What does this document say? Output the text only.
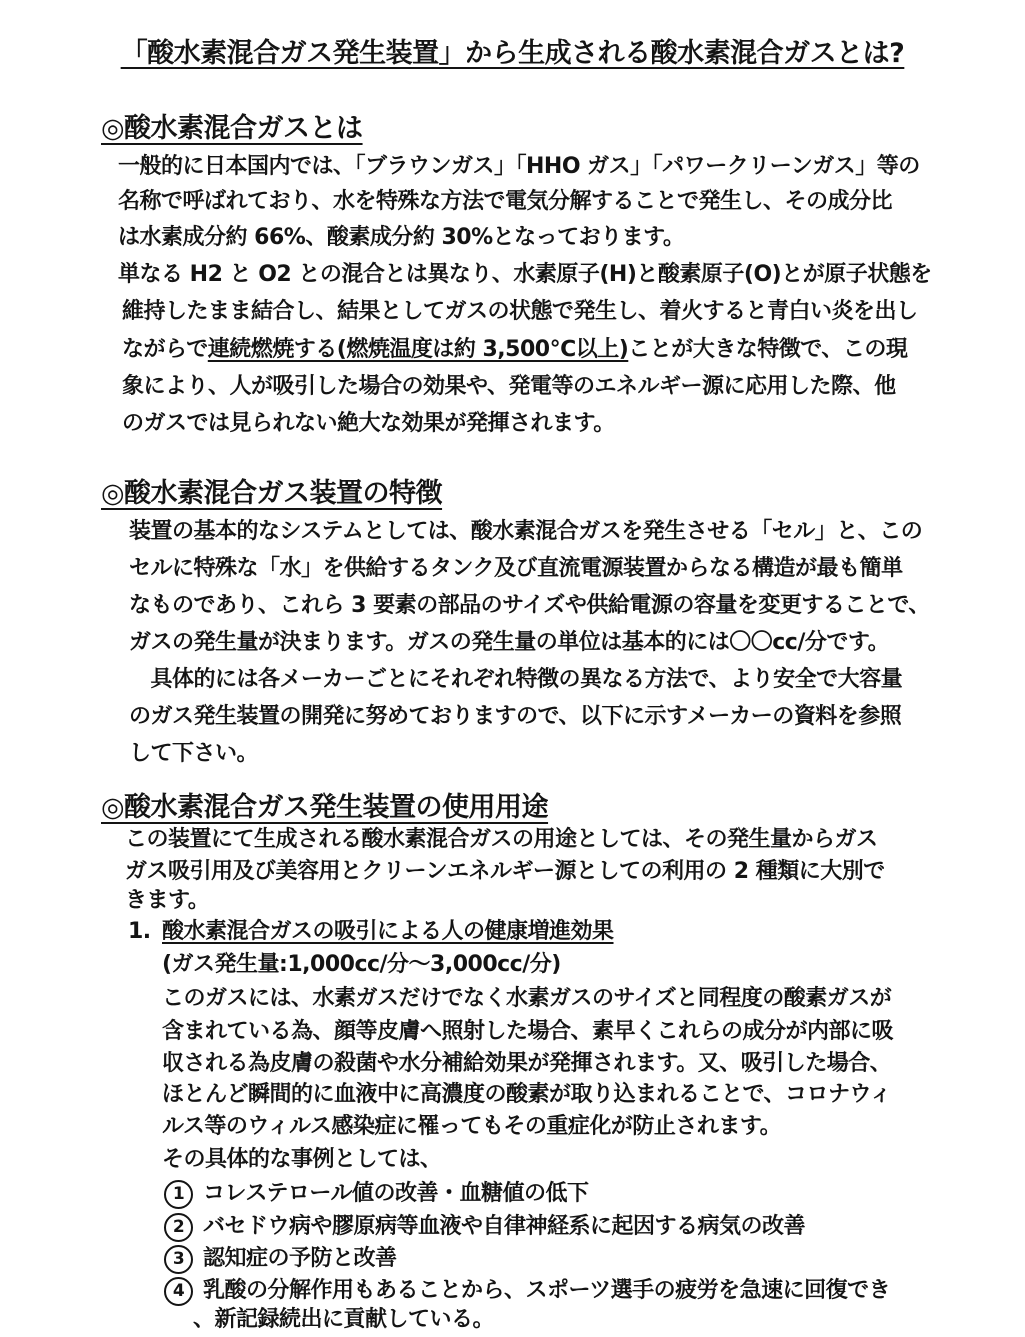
「酸水素混合ガス発生装置」から生成される酸水素混合ガスとは?
◎酸水素混合ガスとは
一般的に日本国内では、「ブラウンガス」「HHO ガス」「パワークリーンガス」等の
名称で呼ばれており、水を特殊な方法で電気分解することで発生し、その成分比
は水素成分約 66%、酸素成分約 30%となっております。
単なる H2 と O2 との混合とは異なり、水素原子(H)と酸素原子(O)とが原子状態を
維持したまま結合し、結果としてガスの状態で発生し、着火すると青白い炎を出し
ながらで連続燃焼する(燃焼温度は約 3,500℃以上)ことが大きな特徴で、この現
象により、人が吸引した場合の効果や、発電等のエネルギー源に応用した際、他
のガスでは見られない絶大な効果が発揮されます。
◎酸水素混合ガス装置の特徴
装置の基本的なシステムとしては、酸水素混合ガスを発生させる「セル」と、この
セルに特殊な「水」を供給するタンク及び直流電源装置からなる構造が最も簡単
なものであり、これら 3 要素の部品のサイズや供給電源の容量を変更することで、
ガスの発生量が決まります。ガスの発生量の単位は基本的には〇〇cc/分です。
　具体的には各メーカーごとにそれぞれ特徴の異なる方法で、より安全で大容量
のガス発生装置の開発に努めておりますので、以下に示すメーカーの資料を参照
して下さい。
◎酸水素混合ガス発生装置の使用用途
この装置にて生成される酸水素混合ガスの用途としては、その発生量からガス
ガス吸引用及び美容用とクリーンエネルギー源としての利用の 2 種類に大別で
きます。
1. 酸水素混合ガスの吸引による人の健康増進効果
(ガス発生量:1,000cc/分～3,000cc/分)
このガスには、水素ガスだけでなく水素ガスのサイズと同程度の酸素ガスが
含まれている為、顔等皮膚へ照射した場合、素早くこれらの成分が内部に吸
収される為皮膚の殺菌や水分補給効果が発揮されます。又、吸引した場合、
ほとんど瞬間的に血液中に高濃度の酸素が取り込まれることで、コロナウィ
ルス等のウィルス感染症に罹ってもその重症化が防止されます。
その具体的な事例としては、
1 コレステロール値の改善・血糖値の低下
2 バセドウ病や膠原病等血液や自律神経系に起因する病気の改善
3 認知症の予防と改善
4 乳酸の分解作用もあることから、スポーツ選手の疲労を急速に回復でき
、新記録続出に貢献している。
